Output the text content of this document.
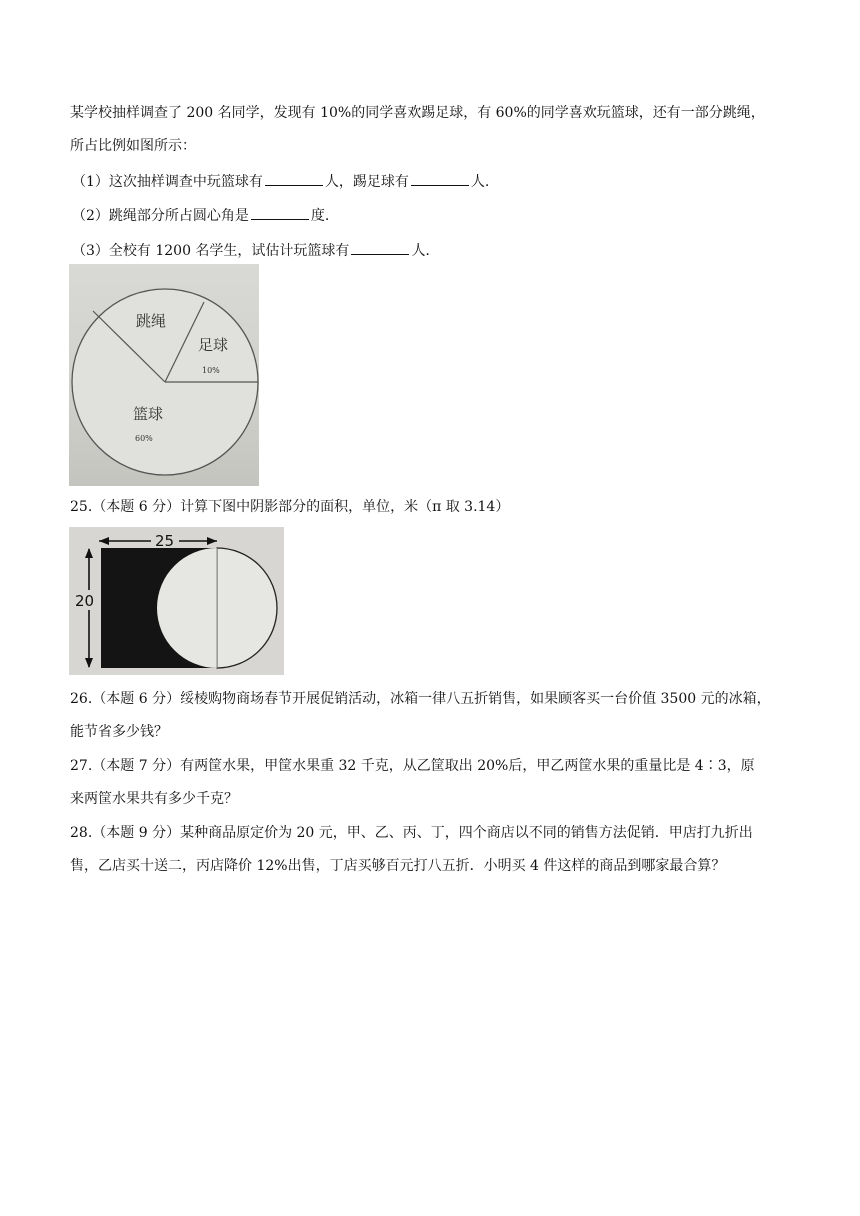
某学校抽样调查了 200 名同学，发现有 10%的同学喜欢踢足球，有 60%的同学喜欢玩篮球，还有一部分跳绳，
所占比例如图所示：
（1）这次抽样调查中玩篮球有	人，踢足球有	人.
（2）跳绳部分所占圆心角是	度.
（3）全校有 1200 名学生，试估计玩篮球有	人.
跳绳
足球
10%
篮球
60%
25.（本题 6 分）计算下图中阴影部分的面积，单位，米（π 取 3.14）
25
20
26.（本题 6 分）绥棱购物商场春节开展促销活动，冰箱一律八五折销售，如果顾客买一台价值 3500 元的冰箱，
能节省多少钱？
27.（本题 7 分）有两筐水果，甲筐水果重 32 千克，从乙筐取出 20%后，甲乙两筐水果的重量比是 4∶3，原
来两筐水果共有多少千克？
28.（本题 9 分）某种商品原定价为 20 元，甲、乙、丙、丁，四个商店以不同的销售方法促销．甲店打九折出
售，乙店买十送二，丙店降价 12%出售，丁店买够百元打八五折．小明买 4 件这样的商品到哪家最合算？
